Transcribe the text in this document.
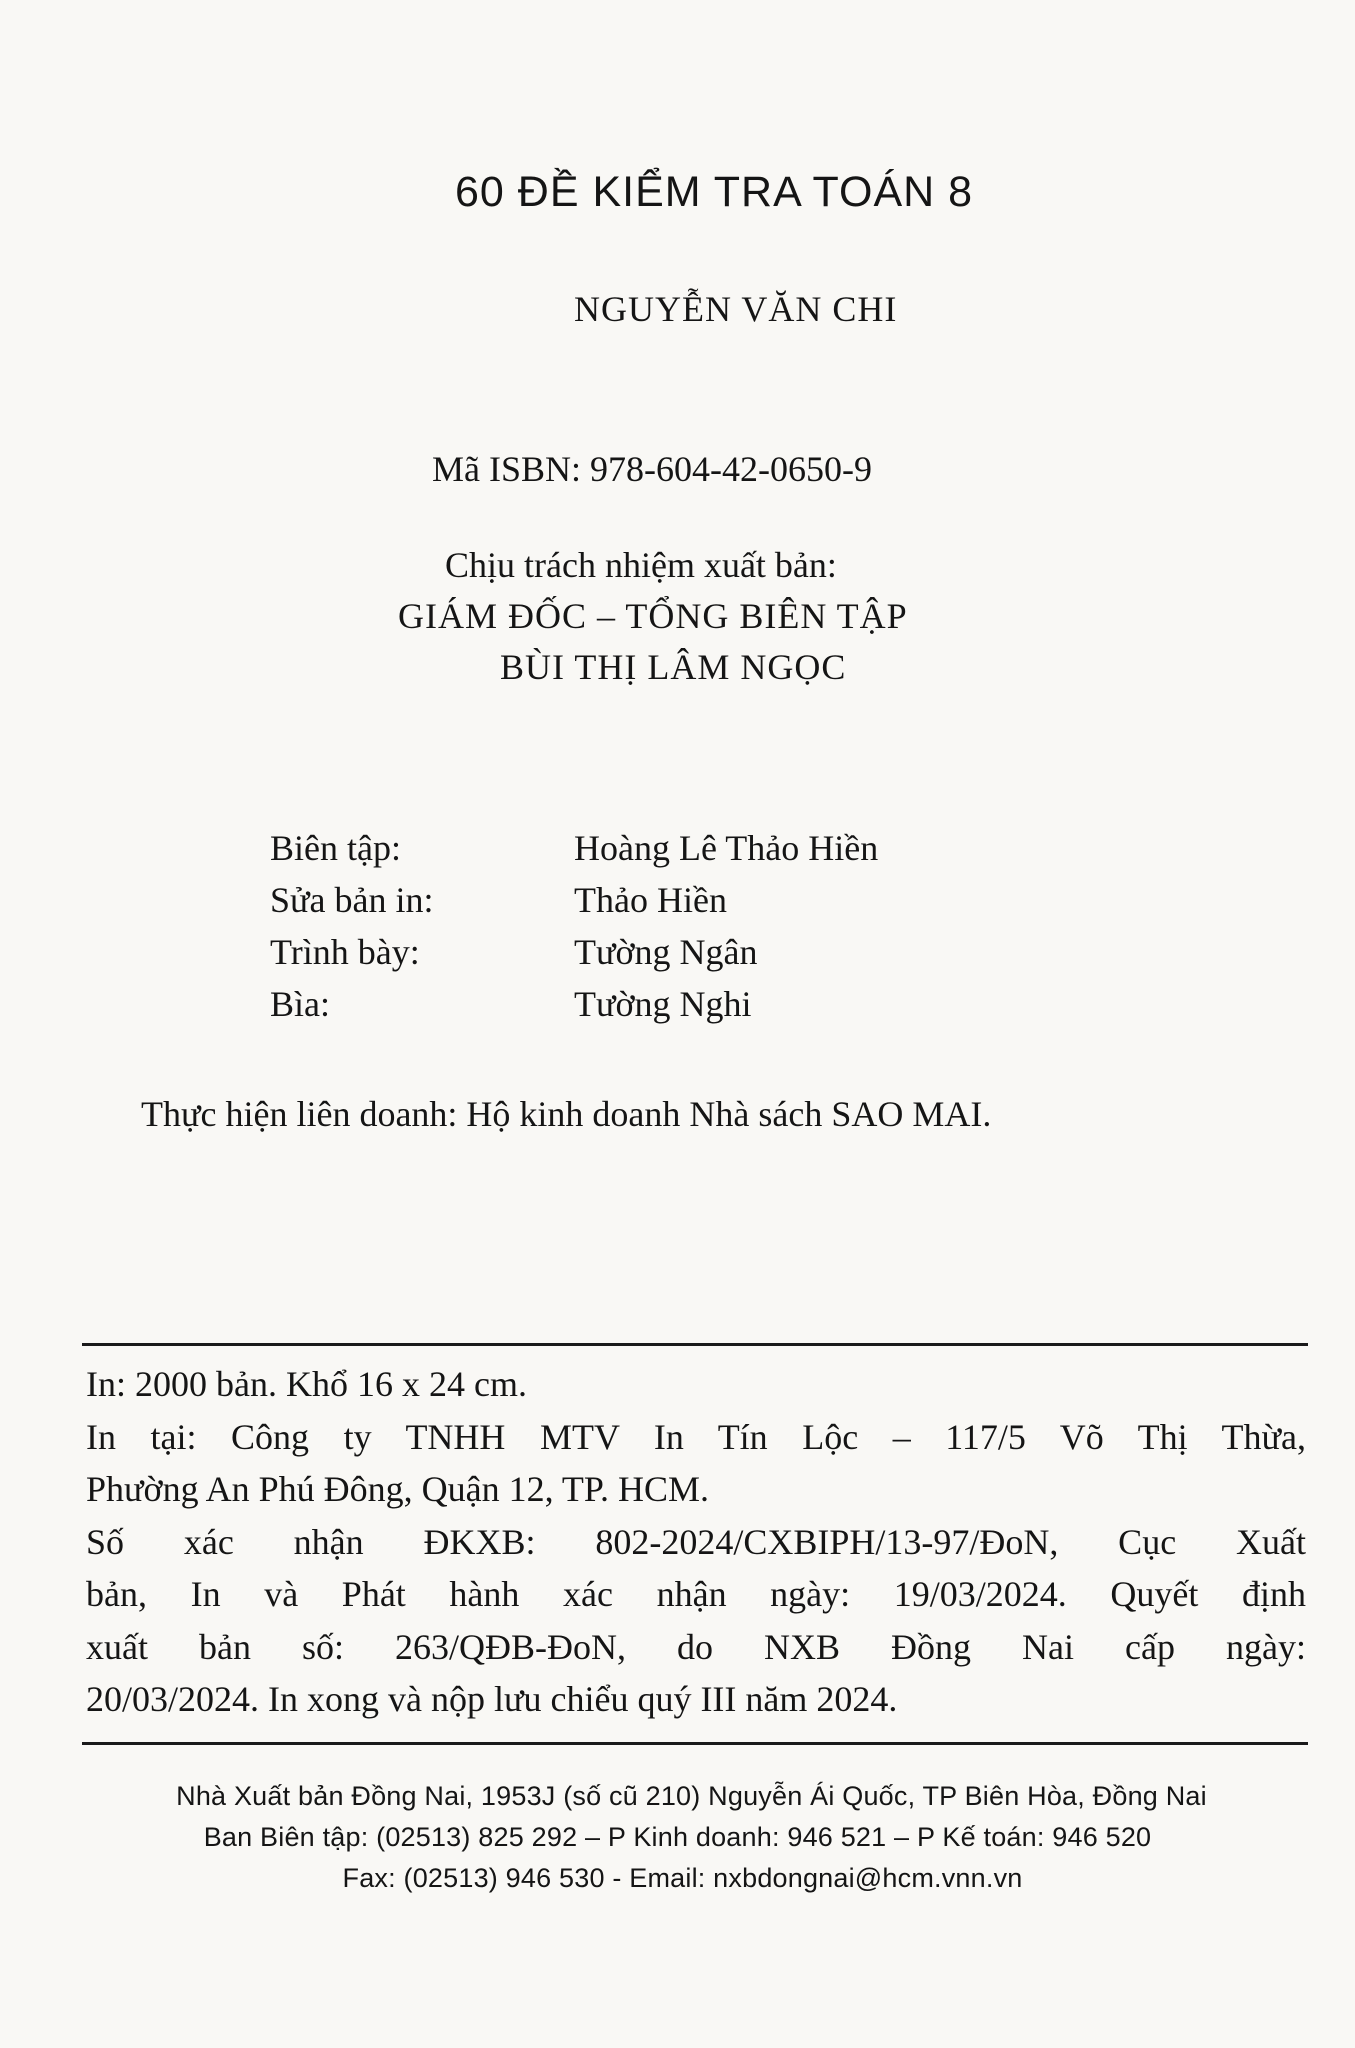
60 ĐỀ KIỂM TRA TOÁN 8
NGUYỄN VĂN CHI
Mã ISBN: 978-604-42-0650-9
Chịu trách nhiệm xuất bản:
GIÁM ĐỐC – TỔNG BIÊN TẬP
BÙI THỊ LÂM NGỌC
Biên tập:	Hoàng Lê Thảo Hiền
Sửa bản in:	Thảo Hiền
Trình bày:	Tường Ngân
Bìa:	Tường Nghi
Thực hiện liên doanh: Hộ kinh doanh Nhà sách SAO MAI.
In: 2000 bản. Khổ 16 x 24 cm.
In tại: Công ty TNHH MTV In Tín Lộc – 117/5 Võ Thị Thừa,
Phường An Phú Đông, Quận 12, TP. HCM.
Số xác nhận ĐKXB: 802-2024/CXBIPH/13-97/ĐoN, Cục Xuất
bản, In và Phát hành xác nhận ngày: 19/03/2024. Quyết định
xuất bản số: 263/QĐB-ĐoN, do NXB Đồng Nai cấp ngày:
20/03/2024. In xong và nộp lưu chiểu quý III năm 2024.
Nhà Xuất bản Đồng Nai, 1953J (số cũ 210) Nguyễn Ái Quốc, TP Biên Hòa, Đồng Nai
Ban Biên tập: (02513) 825 292 – P Kinh doanh: 946 521 – P Kế toán: 946 520
Fax: (02513) 946 530 - Email: nxbdongnai@hcm.vnn.vn
